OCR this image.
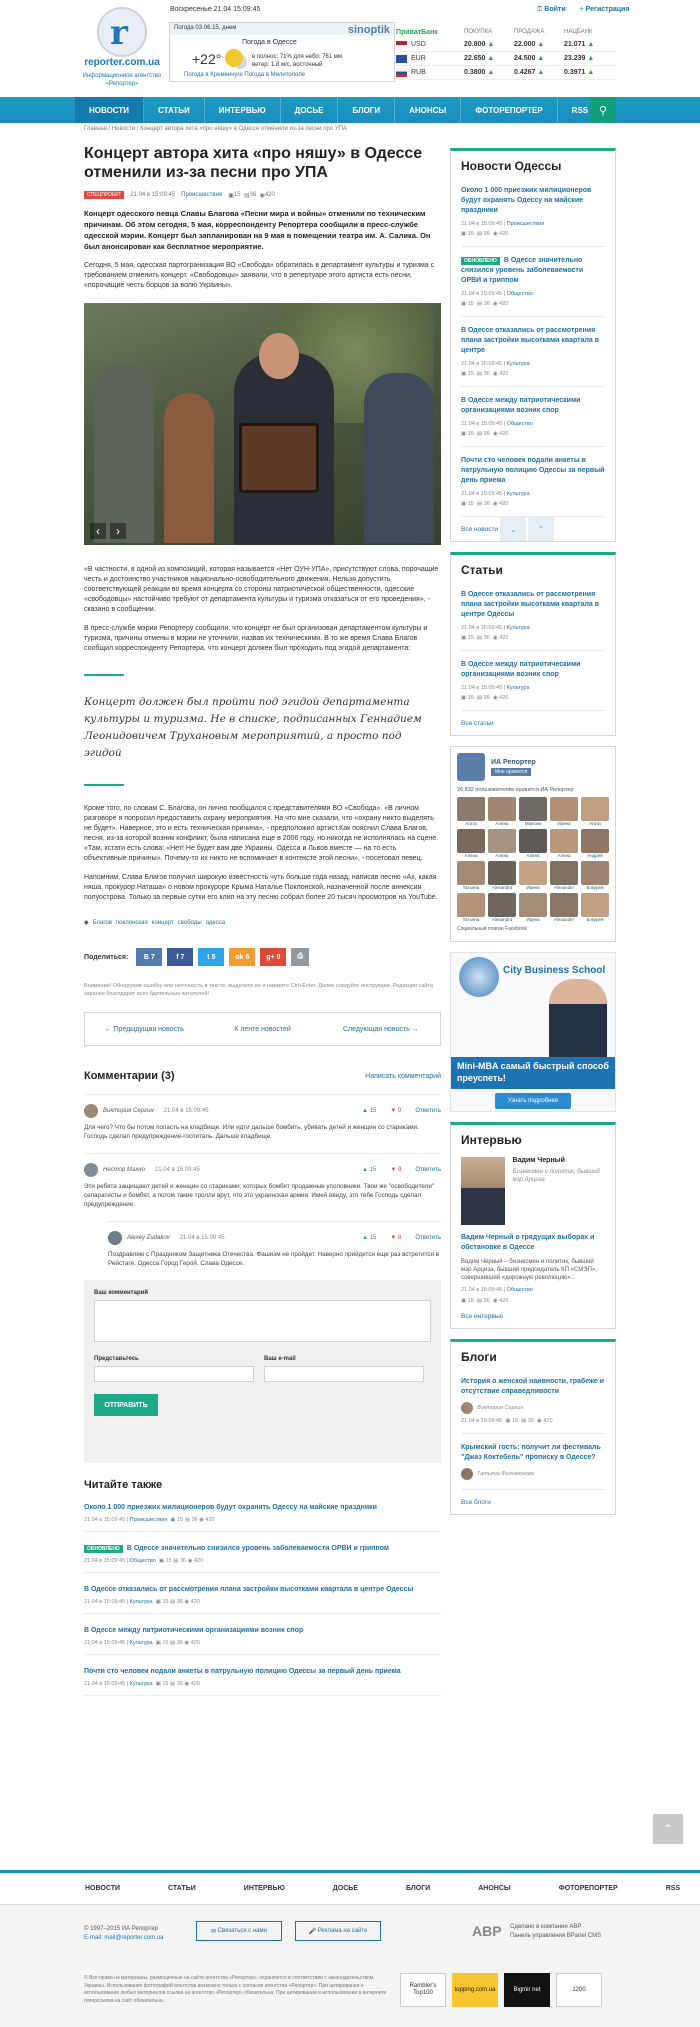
r
reporter.com.ua
Информационное агентство «Репортер»
Воскресенье 21.04 15:09:45	⚿ Войти + Регистрация
Погода 03.06.15, днем	sinoptik
Погода в Одессе
+22°	в полнос: 71% для небо: 761 мм
ветер: 1.8 м/с, восточный
Погода в Кременчуге Погода в Мелитополе
ПриватБанк	ПОКУПКА	ПРОДАЖА	НАЦБАНК
USD	20.800 ▲	22.000 ▲	21.071 ▲
EUR	22.650 ▲	24.500 ▲	23.239 ▲
RUB	0.3800 ▲	0.4267 ▲	0.3971 ▲
НОВОСТИ	СТАТЬИ	ИНТЕРВЬЮ	ДОСЬЕ	БЛОГИ	АНОНСЫ	ФОТОРЕПОРТЕР	RSS ⚲
Главная / Новости / Концерт автора хита «про няшу» в Одессе отменили из-за песни про УПА
Концерт автора хита «про няшу» в Одессе отменили из-за песни про УПА
СПЕЦПРОЕКТ	21.04 в 15:09:45 Происшествия ▣ 15
▤ 36
◉ 420
Концерт одесского певца Славы Благова «Песни мира и войны» отменили по техническим причинам. Об этом сегодня, 5 мая, корреспонденту Репортера сообщили в пресс-службе одесской мэрии. Концерт был запланирован на 9 мая в помещении театра им. А. Салика. Он был анонсирован как бесплатное мероприятие.
Сегодня, 5 мая, одесская партогранизация ВО «Свобода» обратилась в департамент культуры и туризма с требованием отменить концерт. «Свободовцы» заявили, что в репертуаре этого артиста есть песни, «порочащие честь борцов за волю Украины».
‹	›
«В частности, в одной из композиций, которая называется «Нет ОУН-УПА», присутствуют слова, порочащие честь и достоинство участников национально-освободительного движения. Нельзя допустить соответствующей реакции во время концерта со стороны патриотической общественности, одесские «свободовцы» настойчиво требуют от департамента культуры и туризма отказаться от его проведения», - сказано в сообщении.
В пресс-службе мэрии Репортеру сообщили, что концерт не был организован департаментом культуры и туризма, причины отмены в мэрии не уточнили, назвав их техническими. В то же время Слава Благов сообщил корреспонденту Репортера, что концерт должен был проходить под эгидой департамента:
Концерт должен был пройти под эгидой департамента культуры и туризма. Не в списке, подписанных Геннадием Леонидовичем Трухановым мероприятий, а просто под эгидой
Кроме того, по словам С. Благова, он лично пообщался с представителями ВО «Свобода». «В личном разговоре я попросил предоставить охрану мероприятия. На что мне сказали, что «охрану никто выделять не будет». Наверное, это и есть техническая причина», - предположил артист.Как пояснил Слава Благов, песня, из-за которой возник конфликт, была написана еще в 2006 году, но никогда не исполнялась на сцене. «Там, кстати есть слова: «Нет! Не будет вам две Украины. Одесса и Львов вместе — на то есть объективные причины». Почему-то их никто не вспоминает в контексте этой песни», - посетовал певец.
Напомним, Слава Благов получил широкую известность чуть больше года назад, написав песню «Ах, какая няша, прокурор Наташа» о новом прокуроре Крыма Наталье Поклонской, назначенной после аннексии полуострова. Только за первые сутки его клип на эту песню собрал более 20 тысяч просмотров на YouTube.
◆ Благов поклонская концерт свободы одесса
Поделиться: В
7	f
7	t
5	ok
6 g+
0 ⎙
Внимание! Обнаружив ошибку или неточность в тексте, выделите ее и нажмите Ctrl+Enter. Далее следуйте инструкции. Редакция сайта заранее благодарит всех бдительных читателей!
← Предыдущая новость	К ленте новостей	Следующая новость →
Комментарии (3)	Написать комментарий
Виктория Сергин 21.04 в 15:09:45	▲ 15 ▼ 9 Ответить
Для чего? Что бы потом попасть на кладбище. Или идти дальше бомбить, убивать детей и женщин со стариками. Господь сделал предупреждение-госпиталь. Дальше кладбище.
Нестор Махно 21.04 в 15:09:45	▲ 15 ▼ 9 Ответить
Эти ребята защищают детей и женщин со стариками, которых бомбят продажные уполовники. Твои же "освободители" сепаратисты и бомбят, а потом такие тролли врут, что это украинская армия. Имей ввиду, это тебе Господь сделал предупреждение.
Alexey Zudakov 21.04 в 15:09:45	▲ 15 ▼ 9 Ответить
Поздравляю с Праздником Защитника Отечества. Фашизм не пройдет. Наверно прийдется еще раз встретится в Рейстаге. Одесса Город Герой. Слава Одессе.
Ваш комментарий
Представьтесь	Ваш e-mail
ОТПРАВИТЬ
Читайте также
Около 1 000 приезжих милиционеров будут охранять Одессу на майские праздники
21.04 в 15:09:45 | Происшествия  ▣ 15 ▤ 36 ◉ 420
ОБНОВЛЕНО В Одессе значительно снизился уровень заболеваемости ОРВИ и гриппом
21.04 в 15:09:45 | Общество  ▣ 15 ▤ 36 ◉ 420
В Одессе отказались от рассмотрения плана застройки высотками квартала в центре Одессы
21.04 в 15:09:45 | Культура  ▣ 15 ▤ 36 ◉ 420
В Одессе между патриотическими организациями возник спор
21.04 в 15:09:45 | Культура  ▣ 15 ▤ 36 ◉ 420
Почти сто человек подали анкеты в патрульную полицию Одессы за первый день приема
21.04 в 15:09:45 | Культура  ▣ 15 ▤ 36 ◉ 420
Новости Одессы
Около 1 000 приезжих милиционеров будут охранять Одессу на майские праздники
21.04 в 15:09:45 | Происшествия
▣ 15  ▤ 36  ◉ 420
ОБНОВЛЕНО В Одессе значительно снизился уровень заболеваемости ОРВИ и гриппом
21.04 в 15:09:45 | Общество
▣ 15  ▤ 36  ◉ 420
В Одессе отказались от рассмотрения плана застройки высотками квартала в центре
21.04 в 15:09:45 | Культура
▣ 15  ▤ 36  ◉ 420
В Одессе между патриотическими организациями возник спор
21.04 в 15:09:45 | Общество
▣ 15  ▤ 36  ◉ 420
Почти сто человек подали анкеты в патрульную полицию Одессы за первый день приема
21.04 в 15:09:45 | Культура
▣ 15  ▤ 36  ◉ 420
Все новости	⌄	⌃
Статьи
В Одессе отказались от рассмотрения плана застройки высотками квартала в центре Одессы
21.04 в 15:09:45 | Культура
▣ 15  ▤ 36  ◉ 420
В Одессе между патриотическими организациями возник спор
21.04 в 15:09:45 | Культура
▣ 15  ▤ 36  ◉ 420
Все статьи
ИА Репортер
Мне нравится
26,832 пользователям нравится ИА Репортер
Агата	Алина	Максим	Ирина	Агата
Алина	Алина	Алина	Алина	Андрей
Татьяна	Alexandra	Ирина	Alexander	Бэкурей
Татьяна	Alexandra	Ирина	Alexander	Бэкурей
Социальный плагин Facebook
City Business School
Mini-MBA самый быстрый способ преуспеть!
Узнать подробнее
Интервью
Вадим Черный
Бизнесмен и политик, бывший мэр Арциза
Вадим Черный о грядущих выборах и обстановке в Одессе
Вадим Черный – бизнесмен и политик, бывший мэр Арциза, бывший председатель КП «СМЭП», совершивший «дорожную революцию»...
21.04 в 15:09:45 | Общество
▣ 15  ▤ 36  ◉ 420
Все интервью
Блоги
История о женской наивности, грабеже и отсутствие справедливости
Виктория Сергин
21.04 в 15:09:45  ▣ 15  ▤ 36  ◉ 420
Крымский гость: получит ли фестиваль "Джаз Коктебель" прописку в Одессе?
Татьяна Филимонова
Все блоги
⌃
НОВОСТИ	СТАТЬИ	ИНТЕРВЬЮ	ДОСЬЕ	БЛОГИ	АНОНСЫ	ФОТОРЕПОРТЕР	RSS
© 1997–2015 ИА Репортер
E-mail: mail@reporter.com.ua
✉ Связаться с нами	🎤 Реклама на сайте	ABP Сделано в компании ABP
Панель управления BPanel CMS
© Все права на материалы, размещенные на сайте агентства «Репортер», охраняются в соответствии с законодательством Украины. Использование фотографий агентства возможно только с согласия агентства «Репортер». При цитировании и использовании любых материалов ссылка на агентство «Репортер» обязательна. При цитировании и использовании в интернете гиперссылка на сайт обязательна.
Rambler's Top100
topping.com.ua	Bigmir net	1200
